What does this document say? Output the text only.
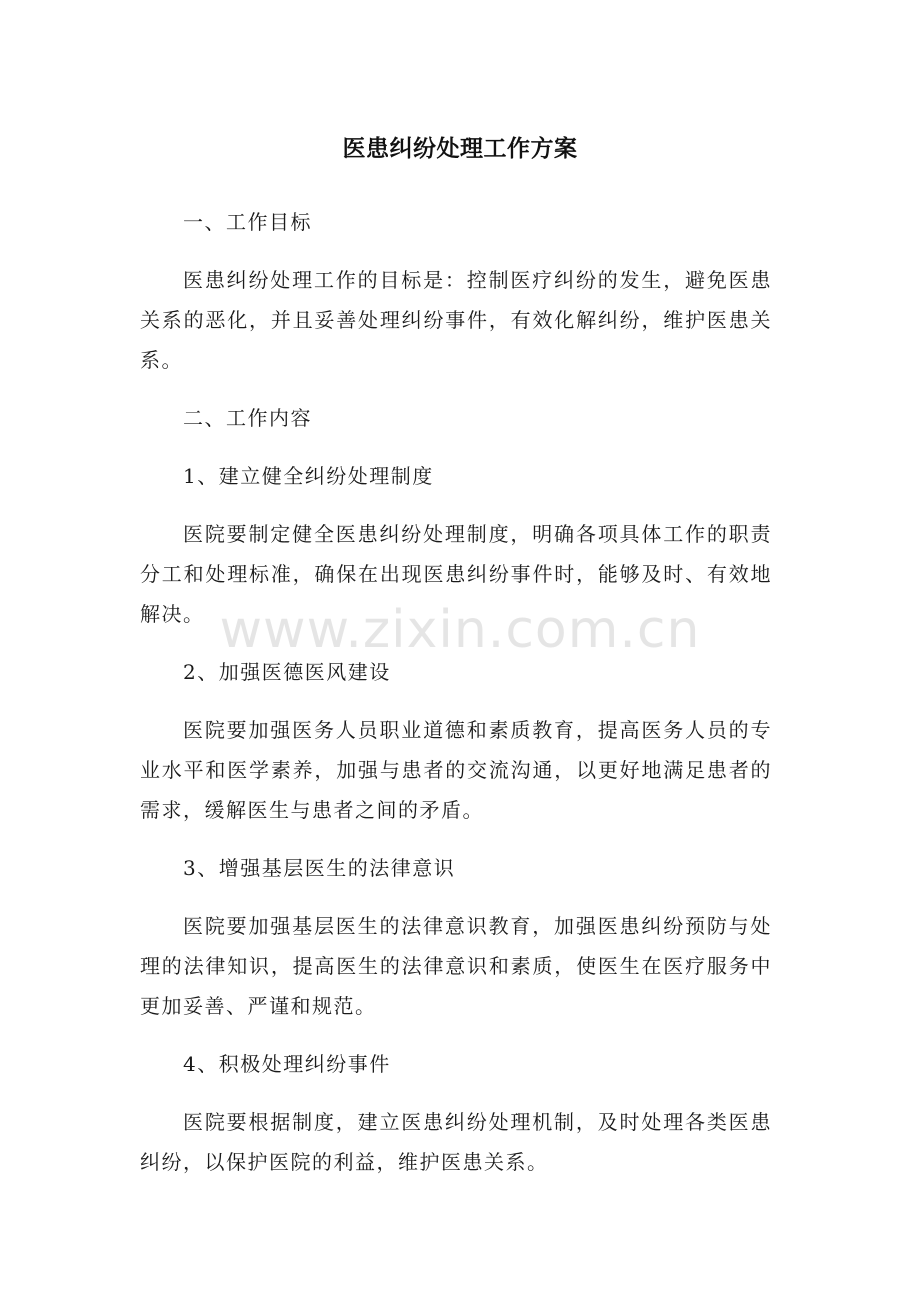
医患纠纷处理工作方案

一、工作目标

医患纠纷处理工作的目标是：控制医疗纠纷的发生，避免医患关系的恶化，并且妥善处理纠纷事件，有效化解纠纷，维护医患关系。

二、工作内容

1、建立健全纠纷处理制度

医院要制定健全医患纠纷处理制度，明确各项具体工作的职责分工和处理标准，确保在出现医患纠纷事件时，能够及时、有效地解决。

2、加强医德医风建设

医院要加强医务人员职业道德和素质教育，提高医务人员的专业水平和医学素养，加强与患者的交流沟通，以更好地满足患者的需求，缓解医生与患者之间的矛盾。

3、增强基层医生的法律意识

医院要加强基层医生的法律意识教育，加强医患纠纷预防与处理的法律知识，提高医生的法律意识和素质，使医生在医疗服务中更加妥善、严谨和规范。

4、积极处理纠纷事件

医院要根据制度，建立医患纠纷处理机制，及时处理各类医患纠纷，以保护医院的利益，维护医患关系。

www.zixin.com.cn
